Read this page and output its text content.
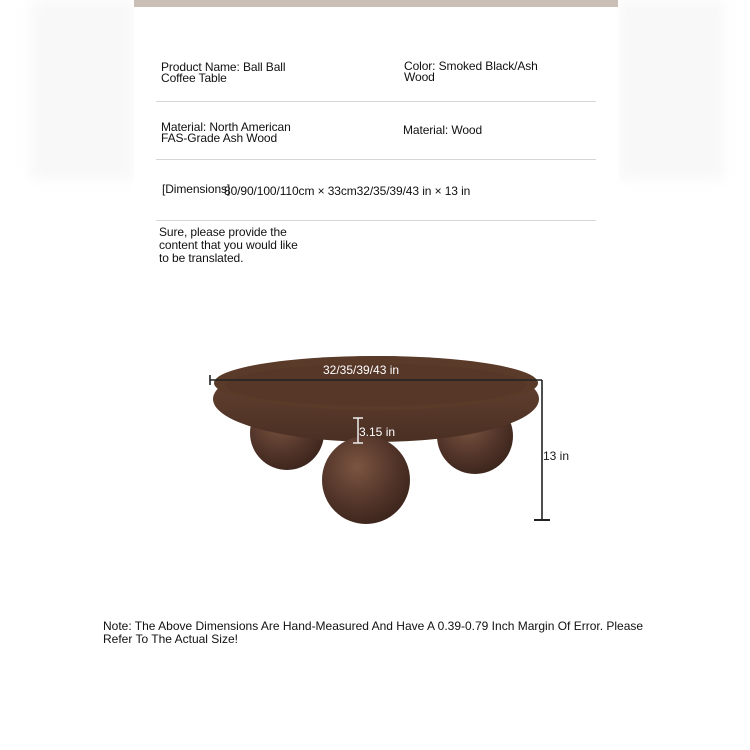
Product Name: Ball Ball Coffee Table
Color: Smoked Black/Ash Wood
Material: North American FAS-Grade Ash Wood
Material: Wood
[Dimensions]
80/90/100/110cm × 33cm32/35/39/43 in × 13 in
Sure, please provide the content that you would like to be translated.
32/35/39/43 in
13 in
3.15 in
Note: The Above Dimensions Are Hand-Measured And Have A 0.39-0.79 Inch Margin Of Error. Please Refer To The Actual Size!
